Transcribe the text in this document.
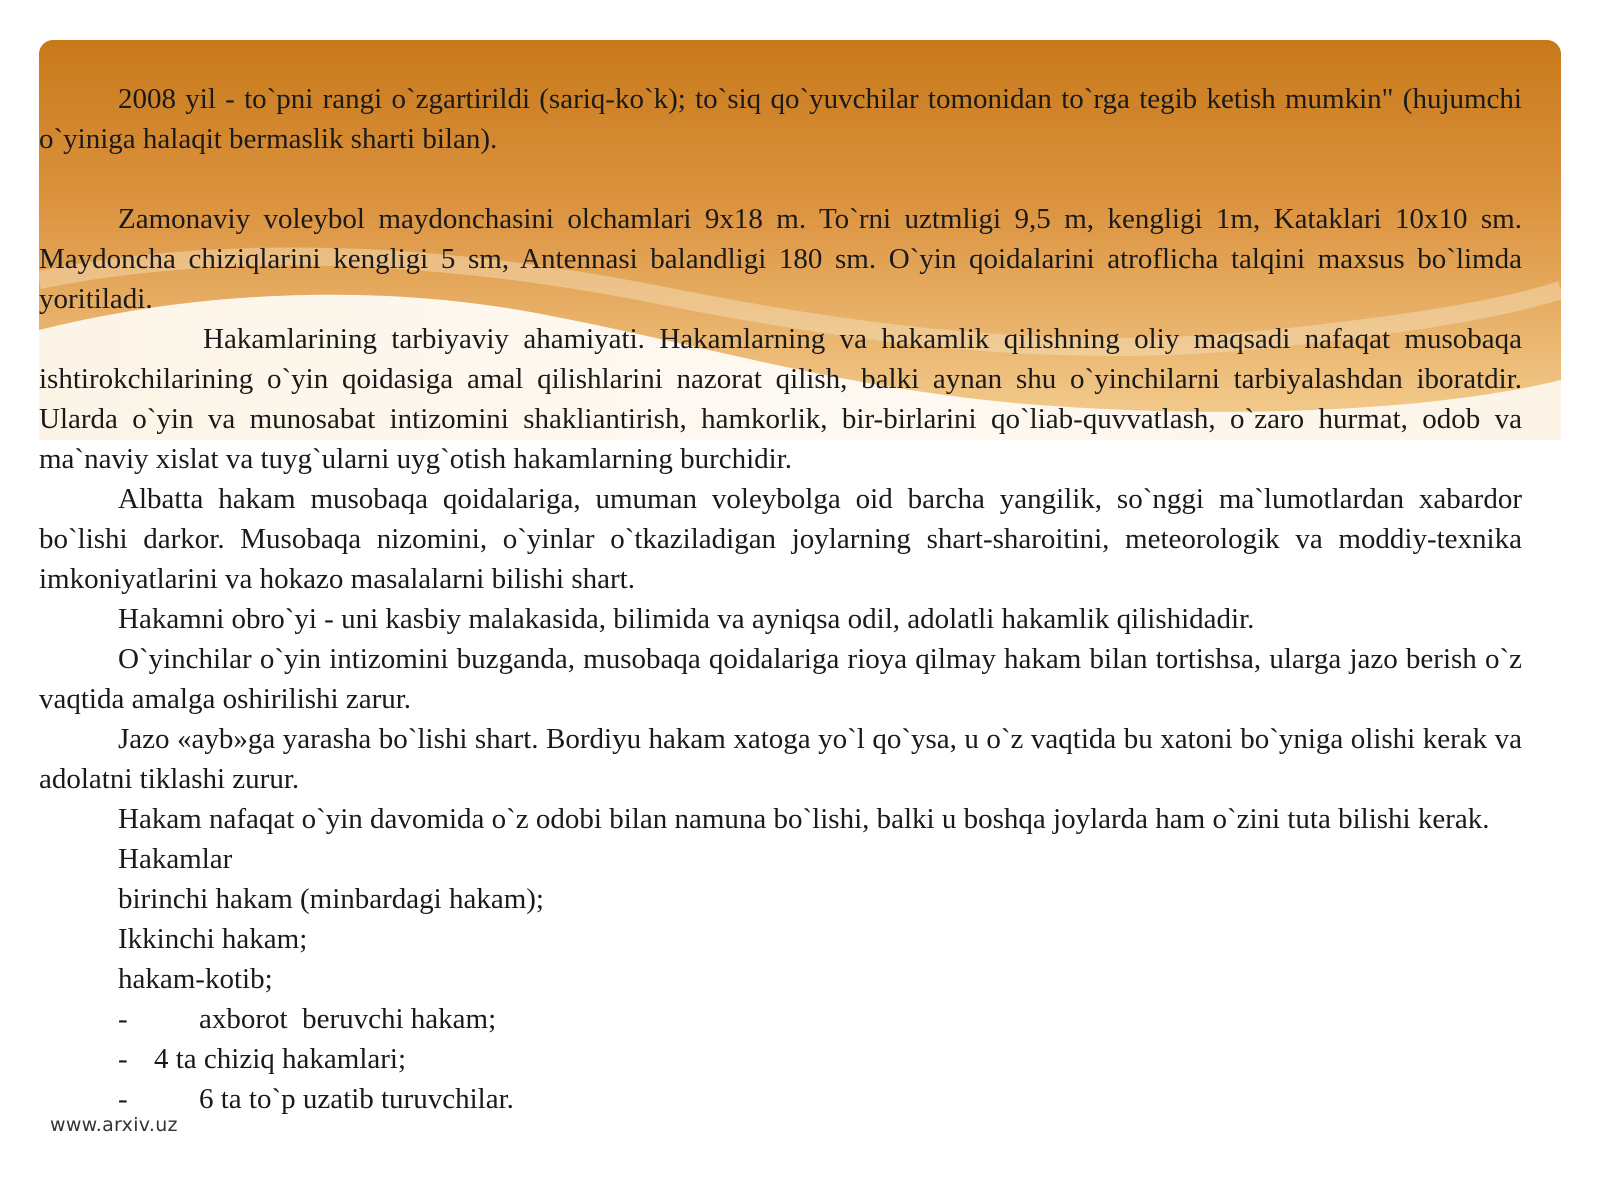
2008 yil - to`pni rangi o`zgartirildi (sariq-ko`k); to`siq qo`yuvchilar tomonidan to`rga tegib ketish mumkin" (hujumchi o`yiniga halaqit bermaslik sharti bilan).

Zamonaviy voleybol maydonchasini olchamlari 9x18 m. To`rni uztmligi 9,5 m, kengligi 1m, Kataklari 10x10 sm. Maydoncha chiziqlarini kengligi 5 sm, Antennasi balandligi 180 sm. O`yin qoidalarini atroflicha talqini maxsus bo`limda yoritiladi.

Hakamlarining tarbiyaviy ahamiyati. Hakamlarning va hakamlik qilishning oliy maqsadi nafaqat musobaqa ishtirokchilarining o`yin qoidasiga amal qilishlarini nazorat qilish, balki aynan shu o`yinchilarni tarbiyalashdan iboratdir. Ularda o`yin va munosabat intizomini shakliantirish, hamkorlik, bir-birlarini qo`liab-quvvatlash, o`zaro hurmat, odob va ma`naviy xislat va tuyg`ularni uyg`otish hakamlarning burchidir.

Albatta hakam musobaqa qoidalariga, umuman voleybolga oid barcha yangilik, so`nggi ma`lumotlardan xabardor bo`lishi darkor. Musobaqa nizomini, o`yinlar o`tkaziladigan joylarning shart-sharoitini, meteorologik va moddiy-texnika imkoniyatlarini va hokazo masalalarni bilishi shart.

Hakamni obro`yi - uni kasbiy malakasida, bilimida va ayniqsa odil, adolatli hakamlik qilishidadir.

O`yinchilar o`yin intizomini buzganda, musobaqa qoidalariga rioya qilmay hakam bilan tortishsa, ularga jazo berish o`z vaqtida amalga oshirilishi zarur.

Jazo «ayb»ga yarasha bo`lishi shart. Bordiyu hakam xatoga yo`l qo`ysa, u o`z vaqtida bu xatoni bo`yniga olishi kerak va adolatni tiklashi zurur.

Hakam nafaqat o`yin davomida o`z odobi bilan namuna bo`lishi, balki u boshqa joylarda ham o`zini tuta bilishi kerak.

Hakamlar
birinchi hakam (minbardagi hakam);
Ikkinchi hakam;
hakam-kotib;
- axborot  beruvchi hakam;
- 4 ta chiziq hakamlari;
- 6 ta to`p uzatib turuvchilar.
www.arxiv.uz
